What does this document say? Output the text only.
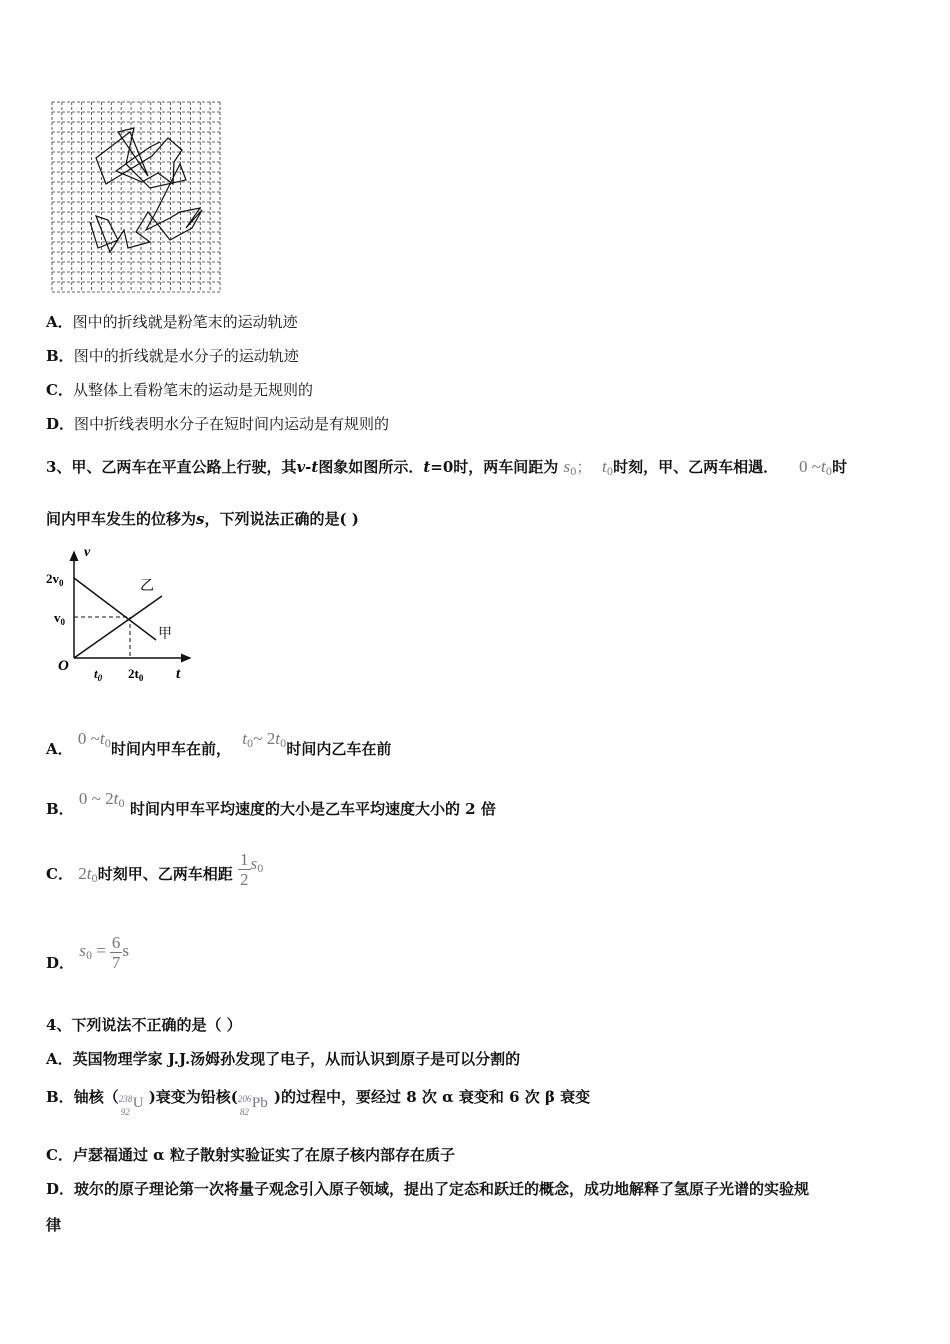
A．图中的折线就是粉笔末的运动轨迹
B．图中的折线就是水分子的运动轨迹
C．从整体上看粉笔末的运动是无规则的
D．图中折线表明水分子在短时间内运动是有规则的
3、甲、乙两车在平直公路上行驶，其v-t图象如图所示．t=0时，两车间距为 $s_0$； $t_0$时刻，甲、乙两车相遇． 0 $\sim t_0$时
间内甲车发生的位移为s，下列说法正确的是( )
v
t
O
$2v_0$
$v_0$
$t_0$ $2t_0$
乙
甲
A． 0 $\sim t_0$时间内甲车在前， $t_0\sim$ $2t_0$时间内乙车在前
B． 0 ~ $2t_0$ 时间内甲车平均速度的大小是乙车平均速度大小的 2 倍
C． $2t_0$时刻甲、乙两车相距 $\frac{1}{2} s_0$
D． $s_0 = \frac{6}{7}$ s
4、下列说法不正确的是（ ）
A．英国物理学家 J.J.汤姆孙发现了电子，从而认识到原子是可以分割的
B．铀核（ 238
92
U )衰变为铅核( 206
82
Pb )的过程中，要经过 8 次 α 衰变和 6 次 β 衰变
C．卢瑟福通过 α 粒子散射实验证实了在原子核内部存在质子
D．玻尔的原子理论第一次将量子观念引入原子领域，提出了定态和跃迁的概念，成功地解释了氢原子光谱的实验规
律
